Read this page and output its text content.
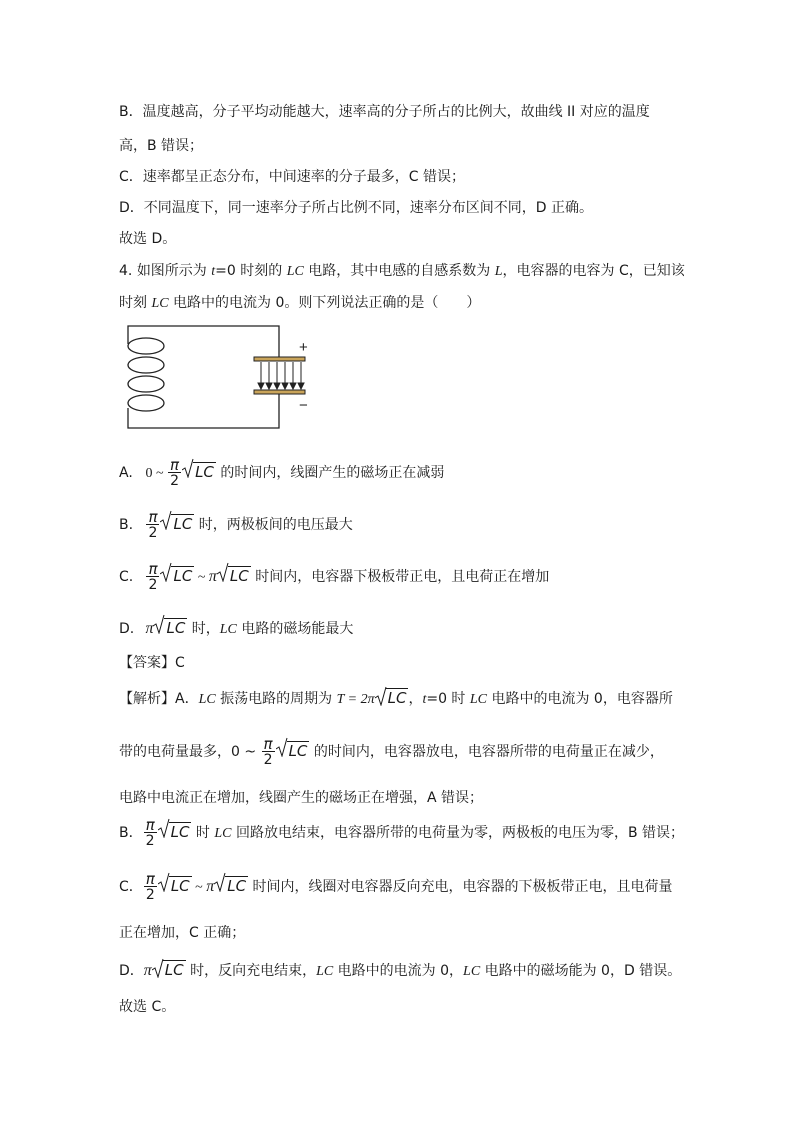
B．温度越高，分子平均动能越大，速率高的分子所占的比例大，故曲线 II 对应的温度
高，B 错误；
C．速率都呈正态分布，中间速率的分子最多，C 错误；
D．不同温度下，同一速率分子所占比例不同，速率分布区间不同，D 正确。
故选 D。
4. 如图所示为 t=0 时刻的 LC 电路，其中电感的自感系数为 L，电容器的电容为 C，已知该
时刻 LC 电路中的电流为 0。则下列说法正确的是（　　）
+
−
A. 0 ~ $\frac{\pi}{2}$ LC 的时间内，线圈产生的磁场正在减弱
B. $\frac{\pi}{2}$ LC 时，两极板间的电压最大
C. $\frac{\pi}{2}$ LC ~ π LC 时间内，电容器下极板带正电，且电荷正在增加
D. π LC 时，LC 电路的磁场能最大
【答案】C
【解析】A．LC 振荡电路的周期为 T = 2π LC ，t=0 时 LC 电路中的电流为 0，电容器所
带的电荷量最多，0 ~ $\frac{\pi}{2}$ LC 的时间内，电容器放电，电容器所带的电荷量正在减少，
电路中电流正在增加，线圈产生的磁场正在增强，A 错误；
B． $\frac{\pi}{2}$ LC 时 LC 回路放电结束，电容器所带的电荷量为零，两极板的电压为零，B 错误；
C． $\frac{\pi}{2}$ LC ~ π LC 时间内，线圈对电容器反向充电，电容器的下极板带正电，且电荷量
正在增加，C 正确；
D．π LC 时，反向充电结束，LC 电路中的电流为 0，LC 电路中的磁场能为 0，D 错误。
故选 C。
